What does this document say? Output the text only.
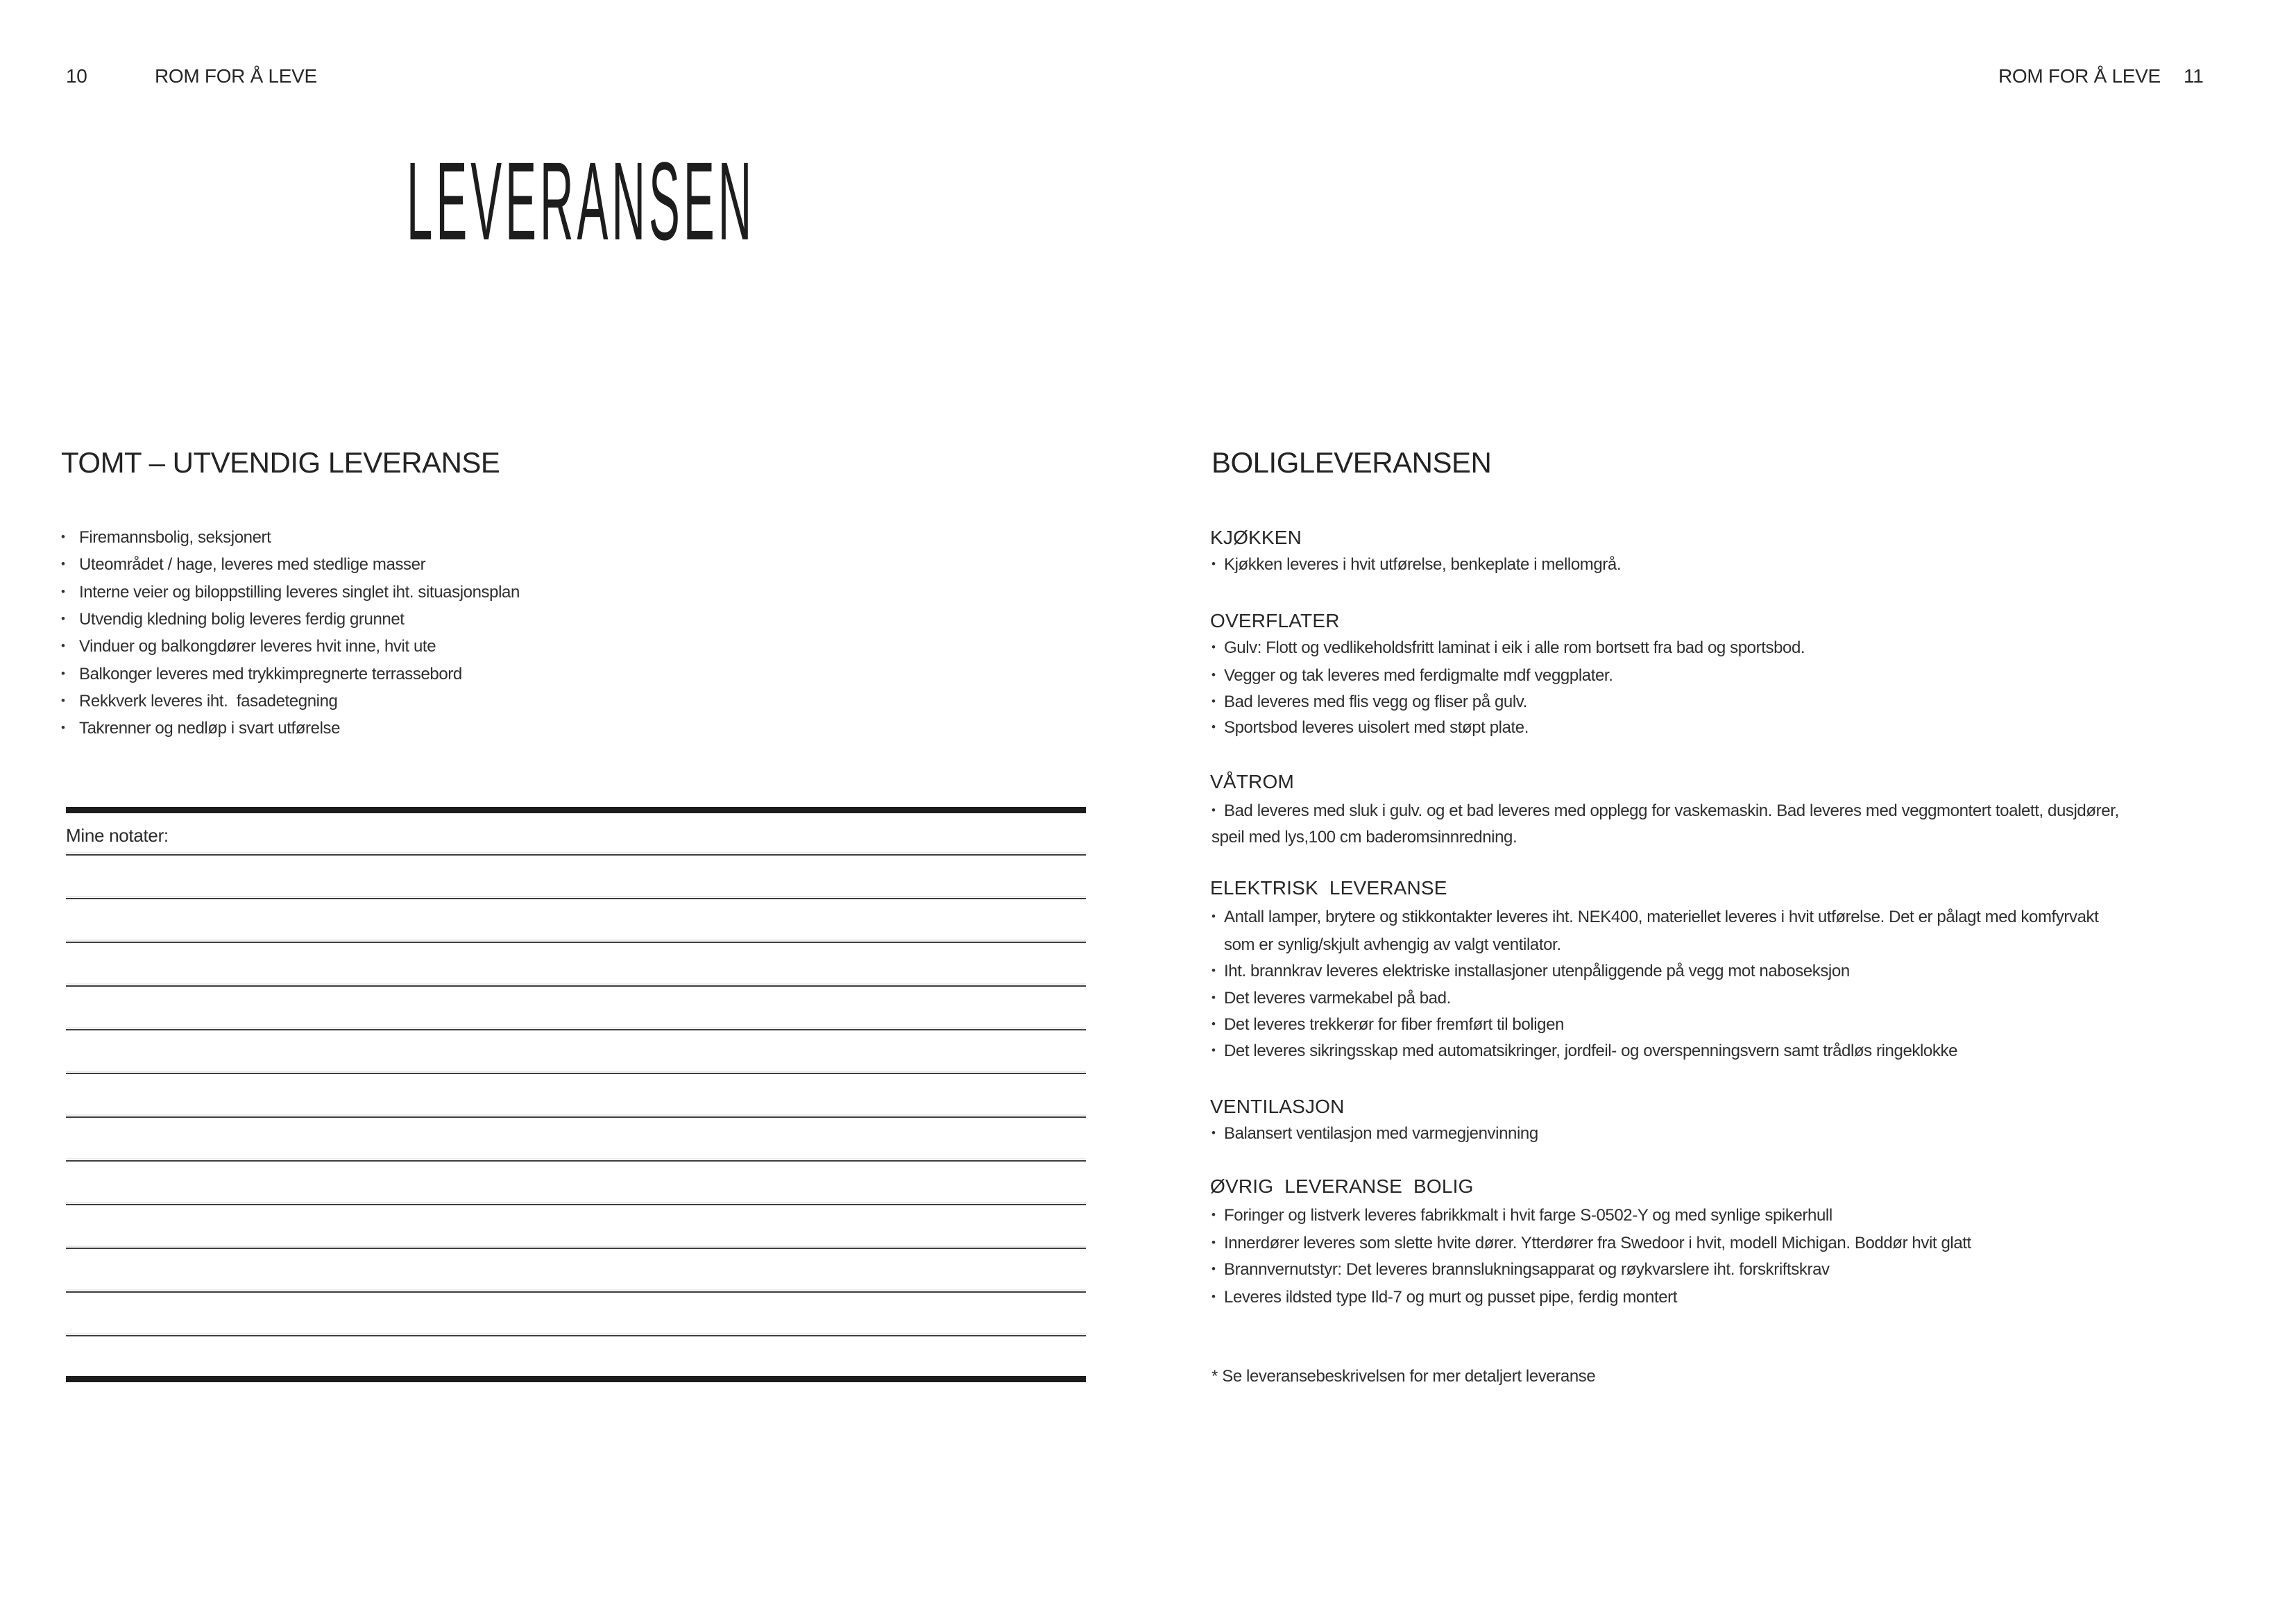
10	ROM FOR Å LEVE	ROM FOR Å LEVE 11
LEVERANSEN
TOMT – UTVENDIG LEVERANSE
• Firemannsbolig, seksjonert
• Uteområdet / hage, leveres med stedlige masser
• Interne veier og biloppstilling leveres singlet iht. situasjonsplan
• Utvendig kledning bolig leveres ferdig grunnet
• Vinduer og balkongdører leveres hvit inne, hvit ute
• Balkonger leveres med trykkimpregnerte terrassebord
• Rekkverk leveres iht.  fasadetegning
• Takrenner og nedløp i svart utførelse
Mine notater:
BOLIGLEVERANSEN
KJØKKEN
• Kjøkken leveres i hvit utførelse, benkeplate i mellomgrå.
OVERFLATER
• Gulv: Flott og vedlikeholdsfritt laminat i eik i alle rom bortsett fra bad og sportsbod.
• Vegger og tak leveres med ferdigmalte mdf veggplater.
• Bad leveres med flis vegg og fliser på gulv.
• Sportsbod leveres uisolert med støpt plate.
VÅTROM
• Bad leveres med sluk i gulv. og et bad leveres med opplegg for vaskemaskin. Bad leveres med veggmontert toalett, dusjdører,
speil med lys,100 cm baderomsinnredning.
ELEKTRISK  LEVERANSE
• Antall lamper, brytere og stikkontakter leveres iht. NEK400, materiellet leveres i hvit utførelse. Det er pålagt med komfyrvakt
som er synlig/skjult avhengig av valgt ventilator.
• Iht. brannkrav leveres elektriske installasjoner utenpåliggende på vegg mot naboseksjon
• Det leveres varmekabel på bad.
• Det leveres trekkerør for fiber fremført til boligen
• Det leveres sikringsskap med automatsikringer, jordfeil- og overspenningsvern samt trådløs ringeklokke
VENTILASJON
• Balansert ventilasjon med varmegjenvinning
ØVRIG  LEVERANSE  BOLIG
• Foringer og listverk leveres fabrikkmalt i hvit farge S-0502-Y og med synlige spikerhull
• Innerdører leveres som slette hvite dører. Ytterdører fra Swedoor i hvit, modell Michigan. Boddør hvit glatt
• Brannvernutstyr: Det leveres brannslukningsapparat og røykvarslere iht. forskriftskrav
• Leveres ildsted type Ild-7 og murt og pusset pipe, ferdig montert
* Se leveransebeskrivelsen for mer detaljert leveranse
